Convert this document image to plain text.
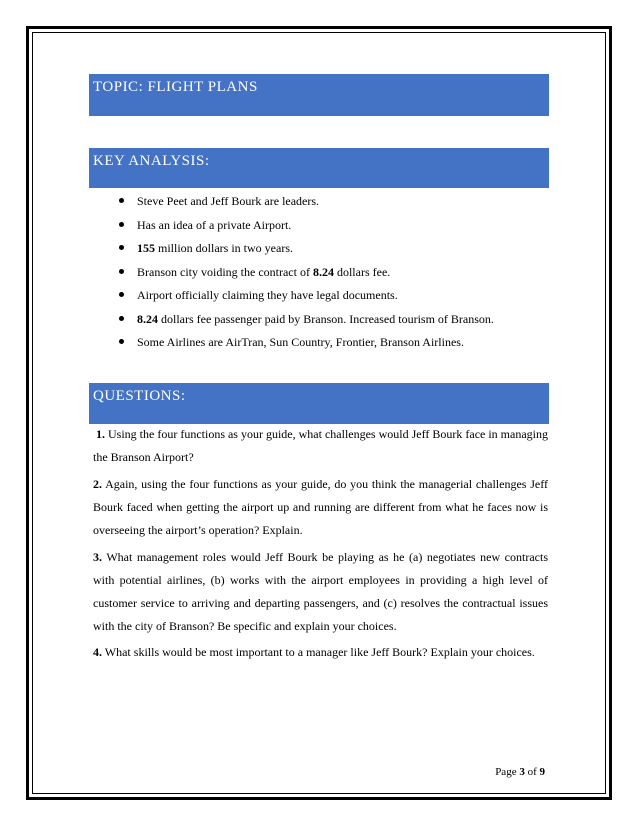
TOPIC: FLIGHT PLANS
KEY ANALYSIS:
Steve Peet and Jeff Bourk are leaders.
Has an idea of a private Airport.
155 million dollars in two years.
Branson city voiding the contract of 8.24 dollars fee.
Airport officially claiming they have legal documents.
8.24 dollars fee passenger paid by Branson. Increased tourism of Branson.
Some Airlines are AirTran, Sun Country, Frontier, Branson Airlines.
QUESTIONS:

1. Using the four functions as your guide, what challenges would Jeff Bourk face in managing the Branson Airport?

2. Again, using the four functions as your guide, do you think the managerial challenges Jeff Bourk faced when getting the airport up and running are different from what he faces now is overseeing the airport’s operation? Explain.

3. What management roles would Jeff Bourk be playing as he (a) negotiates new contracts with potential airlines, (b) works with the airport employees in providing a high level of customer service to arriving and departing passengers, and (c) resolves the contractual issues with the city of Branson? Be specific and explain your choices.

4. What skills would be most important to a manager like Jeff Bourk? Explain your choices.

Page 3 of 9
